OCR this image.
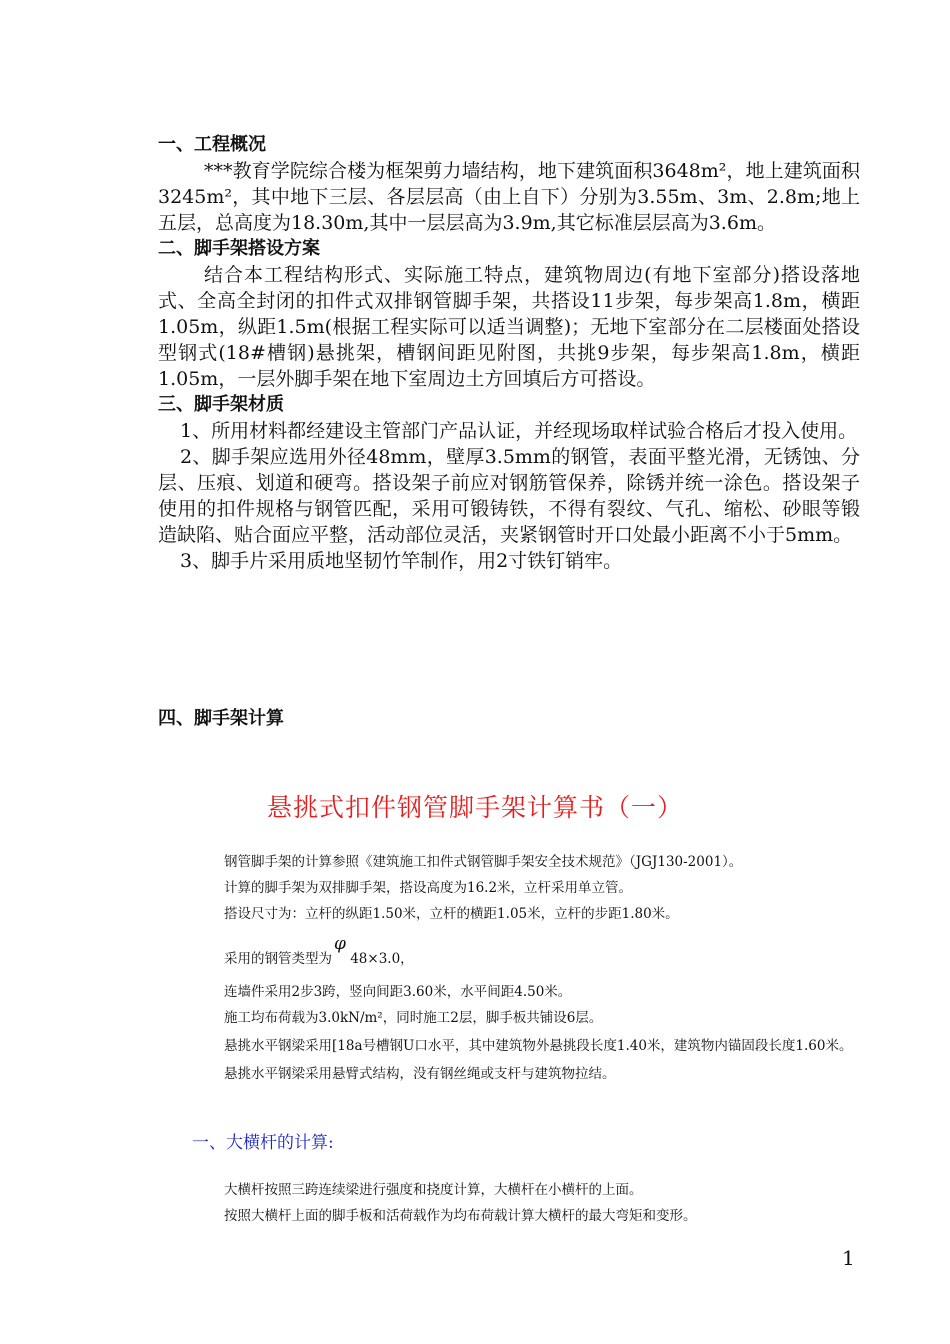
一、工程概况
***教育学院综合楼为框架剪力墙结构，地下建筑面积3648m²，地上建筑面积3245m²，其中地下三层、各层层高（由上自下）分别为3.55m、3m、2.8m;地上五层，总高度为18.30m,其中一层层高为3.9m,其它标准层层高为3.6m。
二、脚手架搭设方案
结合本工程结构形式、实际施工特点，建筑物周边(有地下室部分)搭设落地式、全高全封闭的扣件式双排钢管脚手架，共搭设11步架，每步架高1.8m，横距1.05m，纵距1.5m(根据工程实际可以适当调整)；无地下室部分在二层楼面处搭设型钢式(18#槽钢)悬挑架，槽钢间距见附图，共挑9步架，每步架高1.8m，横距1.05m，一层外脚手架在地下室周边土方回填后方可搭设。
三、脚手架材质
1、所用材料都经建设主管部门产品认证，并经现场取样试验合格后才投入使用。
2、脚手架应选用外径48mm，壁厚3.5mm的钢管，表面平整光滑，无锈蚀、分层、压痕、划道和硬弯。搭设架子前应对钢筋管保养，除锈并统一涂色。搭设架子使用的扣件规格与钢管匹配，采用可锻铸铁，不得有裂纹、气孔、缩松、砂眼等锻造缺陷、贴合面应平整，活动部位灵活，夹紧钢管时开口处最小距离不小于5mm。
3、脚手片采用质地坚韧竹竿制作，用2寸铁钉销牢。
四、脚手架计算
悬挑式扣件钢管脚手架计算书（一）
钢管脚手架的计算参照《建筑施工扣件式钢管脚手架安全技术规范》（JGJ130-2001）。
计算的脚手架为双排脚手架，搭设高度为16.2米，立杆采用单立管。
搭设尺寸为：立杆的纵距1.50米，立杆的横距1.05米，立杆的步距1.80米。
采用的钢管类型为φ 48×3.0，
连墙件采用2步3跨，竖向间距3.60米，水平间距4.50米。
施工均布荷载为3.0kN/m²，同时施工2层，脚手板共铺设6层。
悬挑水平钢梁采用[18a号槽钢U口水平，其中建筑物外悬挑段长度1.40米，建筑物内锚固段长度1.60米。
悬挑水平钢梁采用悬臂式结构，没有钢丝绳或支杆与建筑物拉结。
一、大横杆的计算:
大横杆按照三跨连续梁进行强度和挠度计算，大横杆在小横杆的上面。
按照大横杆上面的脚手板和活荷载作为均布荷载计算大横杆的最大弯矩和变形。
1
